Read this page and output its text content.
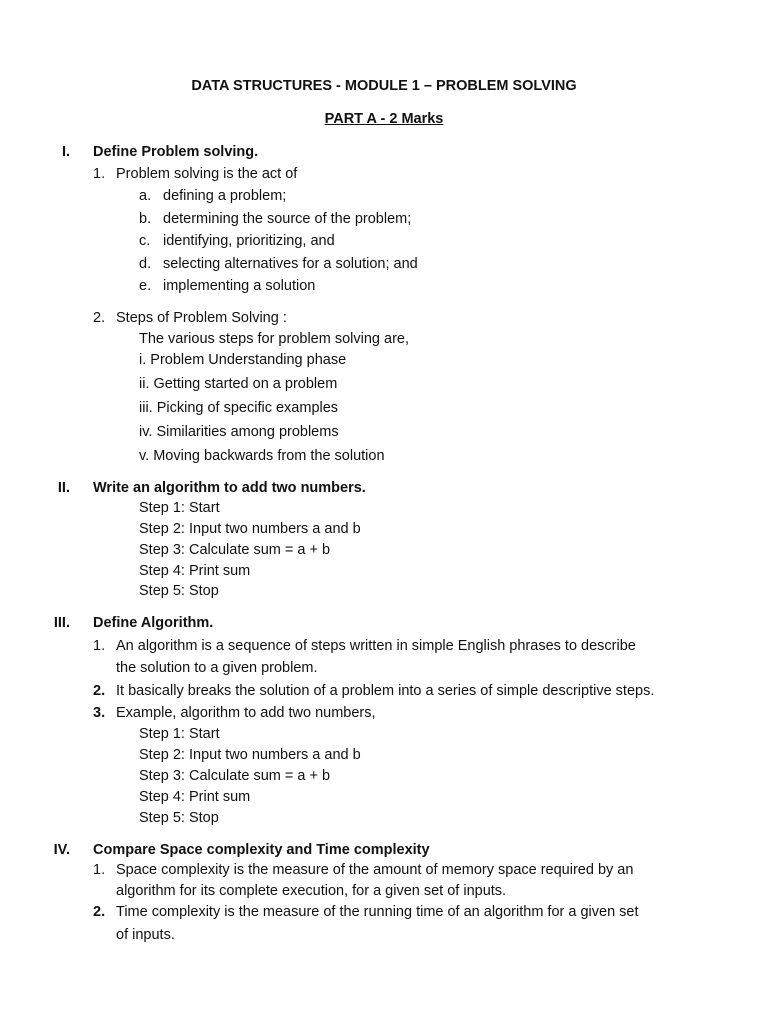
DATA STRUCTURES - MODULE 1 – PROBLEM SOLVING
PART A - 2 Marks
I. Define Problem solving.
1. Problem solving is the act of
a. defining a problem;
b. determining the source of the problem;
c. identifying, prioritizing, and
d. selecting alternatives for a solution; and
e. implementing a solution
2. Steps of Problem Solving :
The various steps for problem solving are,
i. Problem Understanding phase
ii. Getting started on a problem
iii. Picking of specific examples
iv. Similarities among problems
v. Moving backwards from the solution
II. Write an algorithm to add two numbers.
Step 1: Start
Step 2: Input two numbers a and b
Step 3: Calculate sum = a + b
Step 4: Print sum
Step 5: Stop
III. Define Algorithm.
1. An algorithm is a sequence of steps written in simple English phrases to describe
the solution to a given problem.
2. It basically breaks the solution of a problem into a series of simple descriptive steps.
3. Example, algorithm to add two numbers,
Step 1: Start
Step 2: Input two numbers a and b
Step 3: Calculate sum = a + b
Step 4: Print sum
Step 5: Stop
IV. Compare Space complexity and Time complexity
1. Space complexity is the measure of the amount of memory space required by an
algorithm for its complete execution, for a given set of inputs.
2. Time complexity is the measure of the running time of an algorithm for a given set
of inputs.
